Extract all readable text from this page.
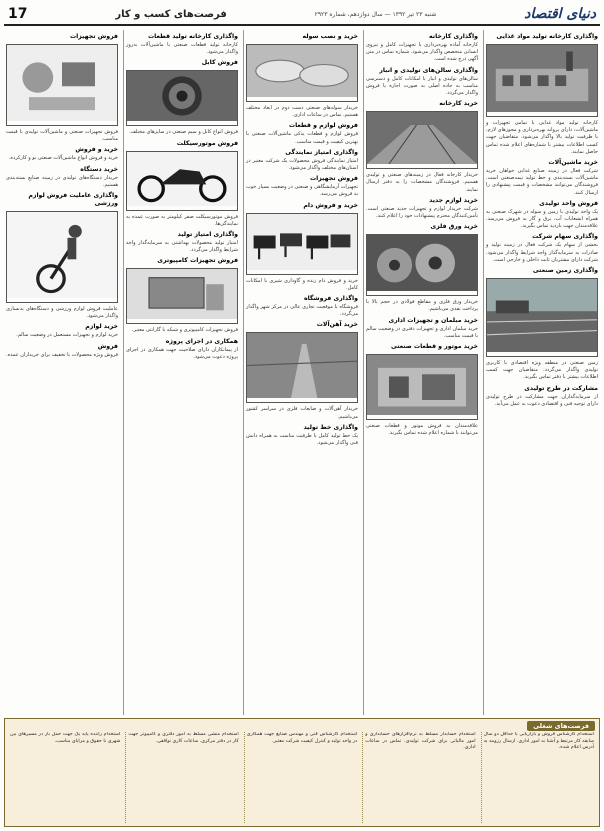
دنیای اقتصاد
شنبه ۲۳ تیر ۱۳۹۲ — سال دوازدهم، شماره ۲۹۲۳
فرصت‌های کسب و کار
17
واگذاری کارخانه تولید مواد غذایی
کارخانه تولید مواد غذایی با تمامی تجهیزات و ماشین‌آلات، دارای پروانه بهره‌برداری و مجوزهای لازم، با ظرفیت تولید بالا واگذار می‌شود. متقاضیان جهت کسب اطلاعات بیشتر با شماره‌های اعلام شده تماس حاصل نمایند.
خرید ماشین‌آلات
شرکت فعال در زمینه صنایع غذایی خواهان خرید ماشین‌آلات بسته‌بندی و خط تولید نیمه‌صنعتی است. فروشندگان می‌توانند مشخصات و قیمت پیشنهادی را ارسال کنند.
فروش واحد تولیدی
یک واحد تولیدی با زمین و سوله در شهرک صنعتی به همراه انشعابات آب، برق و گاز به فروش می‌رسد. علاقه‌مندان جهت بازدید تماس بگیرند.
واگذاری سهام شرکت
بخشی از سهام یک شرکت فعال در زمینه تولید و صادرات به سرمایه‌گذار واجد شرایط واگذار می‌شود. شرکت دارای مشتریان ثابت داخلی و خارجی است.
واگذاری زمین صنعتی
زمین صنعتی در منطقه ویژه اقتصادی با کاربری تولیدی واگذار می‌گردد. متقاضیان جهت کسب اطلاعات بیشتر با دفتر تماس بگیرند.
مشارکت در طرح تولیدی
از سرمایه‌گذاران جهت مشارکت در طرح تولیدی دارای توجیه فنی و اقتصادی دعوت به عمل می‌آید.
واگذاری کارخانه
کارخانه آماده بهره‌برداری با تجهیزات کامل و نیروی انسانی متخصص واگذار می‌شود. شماره تماس در متن آگهی درج شده است.
واگذاری سالن‌های تولیدی و انبار
سالن‌های تولیدی و انبار با امکانات کامل و دسترسی مناسب به جاده اصلی به صورت اجاره یا فروش واگذار می‌گردد.
خرید کارخانه
خریدار کارخانه فعال در زمینه‌های صنعتی و تولیدی هستیم. فروشندگان مشخصات را به دفتر ارسال نمایند.
خرید لوازم جدید
شرکت خریدار لوازم و تجهیزات جدید صنعتی است. تأمین‌کنندگان محترم پیشنهادات خود را اعلام کنند.
خرید ورق فلزی
خریدار ورق فلزی و مقاطع فولادی در حجم بالا با پرداخت نقدی می‌باشیم.
خرید مبلمان و تجهیزات اداری
خرید مبلمان اداری و تجهیزات دفتری در وضعیت سالم با قیمت مناسب.
خرید موتور و قطعات صنعتی
علاقه‌مندان به فروش موتور و قطعات صنعتی می‌توانند با شماره اعلام شده تماس بگیرند.
خرید و نصب سوله
خریدار سوله‌های صنعتی دست دوم در ابعاد مختلف هستیم. تماس در ساعات اداری.
فروش لوازم و قطعات
فروش لوازم و قطعات یدکی ماشین‌آلات صنعتی با بهترین کیفیت و قیمت مناسب.
واگذاری امتیاز نمایندگی
امتیاز نمایندگی فروش محصولات یک شرکت معتبر در استان‌های مختلف واگذار می‌شود.
فروش تجهیزات
تجهیزات آزمایشگاهی و صنعتی در وضعیت بسیار خوب به فروش می‌رسد.
خرید و فروش دام
خرید و فروش دام زنده و گاوداری شیری با امکانات کامل.
واگذاری فروشگاه
فروشگاه با موقعیت تجاری عالی در مرکز شهر واگذار می‌گردد.
خرید آهن‌آلات
خریدار آهن‌آلات و ضایعات فلزی در سراسر کشور می‌باشیم.
واگذاری خط تولید
یک خط تولید کامل با ظرفیت مناسب به همراه دانش فنی واگذار می‌شود.
واگذاری کارخانه تولید قطعات
کارخانه تولید قطعات صنعتی با ماشین‌آلات به‌روز واگذار می‌شود.
فروش کابل
فروش انواع کابل و سیم صنعتی در سایزهای مختلف.
فروش موتورسیکلت
فروش موتورسیکلت صفر کیلومتر به صورت عمده به نمایندگی‌ها.
واگذاری امتیاز تولید
امتیاز تولید محصولات بهداشتی به سرمایه‌گذار واجد شرایط واگذار می‌گردد.
فروش تجهیزات کامپیوتری
فروش تجهیزات کامپیوتری و شبکه با گارانتی معتبر.
همکاری در اجرای پروژه
از پیمانکاران دارای صلاحیت جهت همکاری در اجرای پروژه دعوت می‌شود.
فروش تجهیزات
فروش تجهیزات صنعتی و ماشین‌آلات تولیدی با قیمت مناسب.
خرید و فروش
خرید و فروش انواع ماشین‌آلات صنعتی نو و کارکرده.
خرید دستگاه
خریدار دستگاه‌های تولیدی در زمینه صنایع بسته‌بندی هستیم.
واگذاری عاملیت فروش لوازم ورزشی
عاملیت فروش لوازم ورزشی و دستگاه‌های بدنسازی واگذار می‌شود.
خرید لوازم
خرید لوازم و تجهیزات مستعمل در وضعیت سالم.
فروش
فروش ویژه محصولات با تخفیف برای خریداران عمده.
فرصت‌های شغلی
استخدام کارشناس فروش و بازاریابی با حداقل دو سال سابقه کار مرتبط و آشنا به امور اداری. ارسال رزومه به آدرس اعلام شده.
استخدام حسابدار مسلط به نرم‌افزارهای حسابداری و امور مالیاتی برای شرکت تولیدی. تماس در ساعات اداری.
استخدام کارشناس فنی و مهندس صنایع جهت همکاری در واحد تولید و کنترل کیفیت شرکت معتبر.
استخدام منشی مسلط به امور دفتری و کامپیوتر جهت کار در دفتر مرکزی. ساعات کاری توافقی.
استخدام راننده پایه یک جهت حمل بار در مسیرهای بین شهری با حقوق و مزایای مناسب.
